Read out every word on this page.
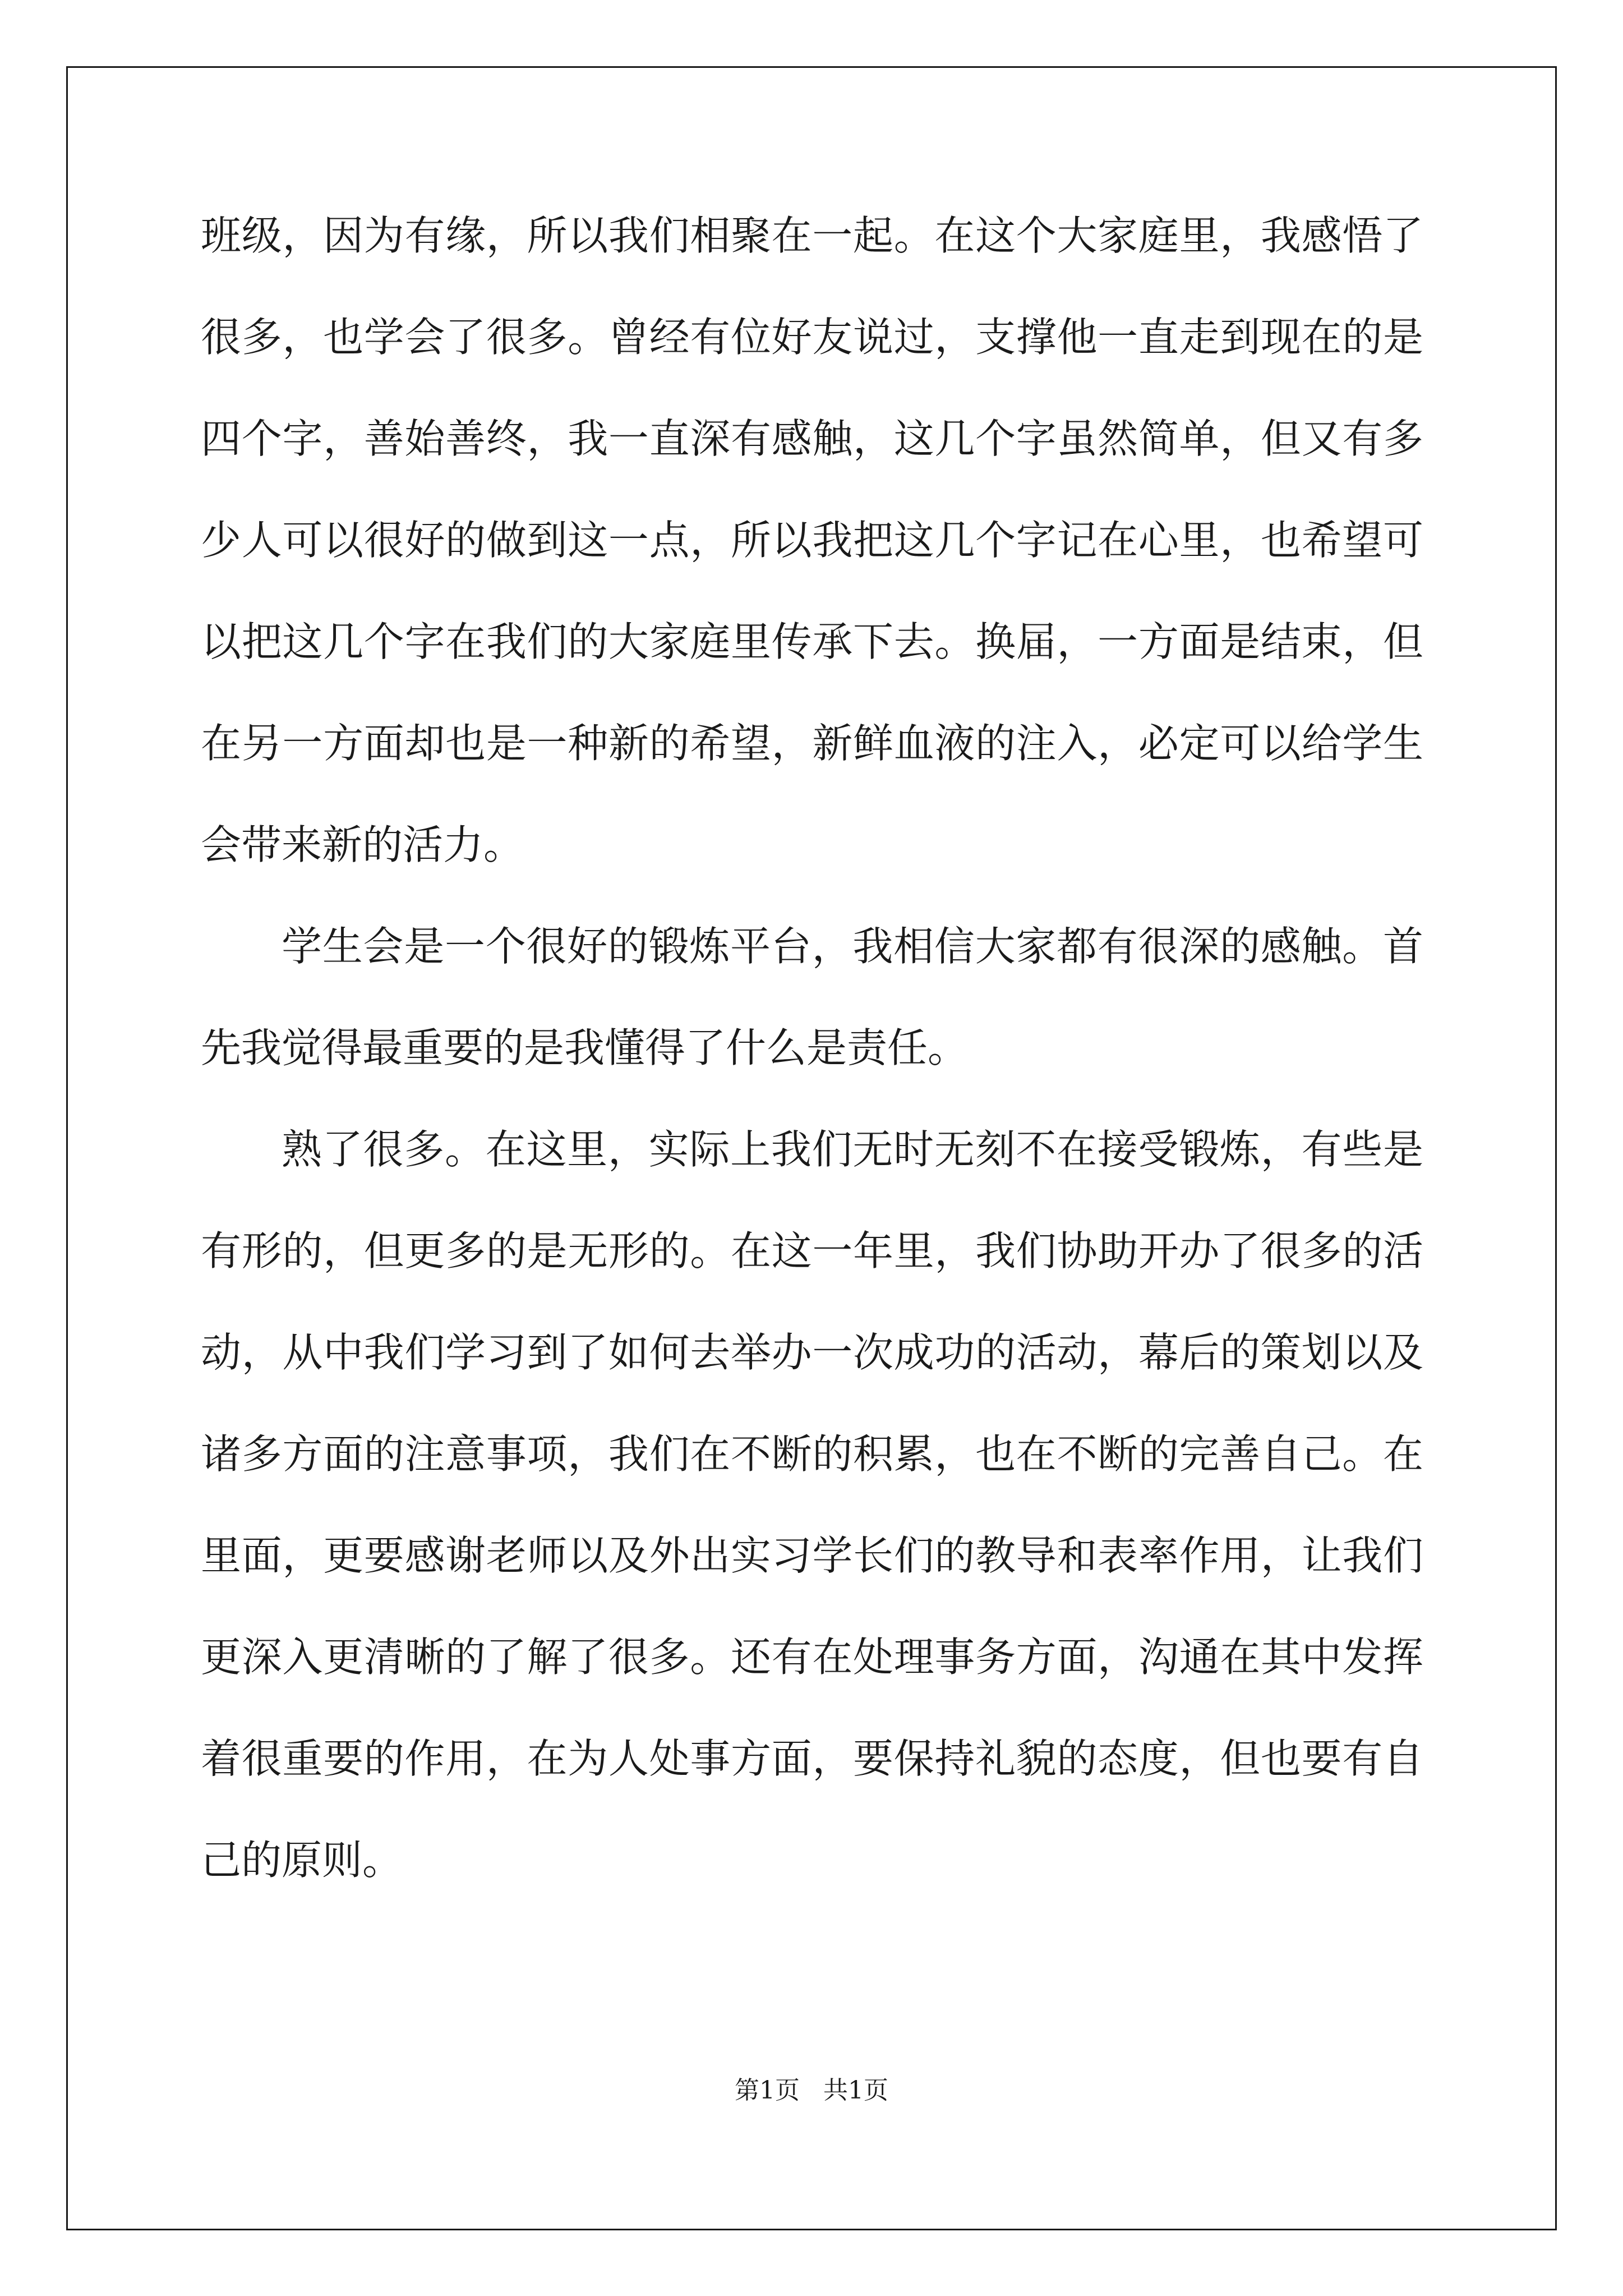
班级，因为有缘，所以我们相聚在一起。在这个大家庭里，我感悟了很多，也学会了很多。曾经有位好友说过，支撑他一直走到现在的是四个字，善始善终，我一直深有感触，这几个字虽然简单，但又有多少人可以很好的做到这一点，所以我把这几个字记在心里，也希望可以把这几个字在我们的大家庭里传承下去。换届，一方面是结束，但在另一方面却也是一种新的希望，新鲜血液的注入，必定可以给学生会带来新的活力。

学生会是一个很好的锻炼平台，我相信大家都有很深的感触。首先我觉得最重要的是我懂得了什么是责任。

熟了很多。在这里，实际上我们无时无刻不在接受锻炼，有些是有形的，但更多的是无形的。在这一年里，我们协助开办了很多的活动，从中我们学习到了如何去举办一次成功的活动，幕后的策划以及诸多方面的注意事项，我们在不断的积累，也在不断的完善自己。在里面，更要感谢老师以及外出实习学长们的教导和表率作用，让我们更深入更清晰的了解了很多。还有在处理事务方面，沟通在其中发挥着很重要的作用，在为人处事方面，要保持礼貌的态度，但也要有自己的原则。

第1页 共1页
